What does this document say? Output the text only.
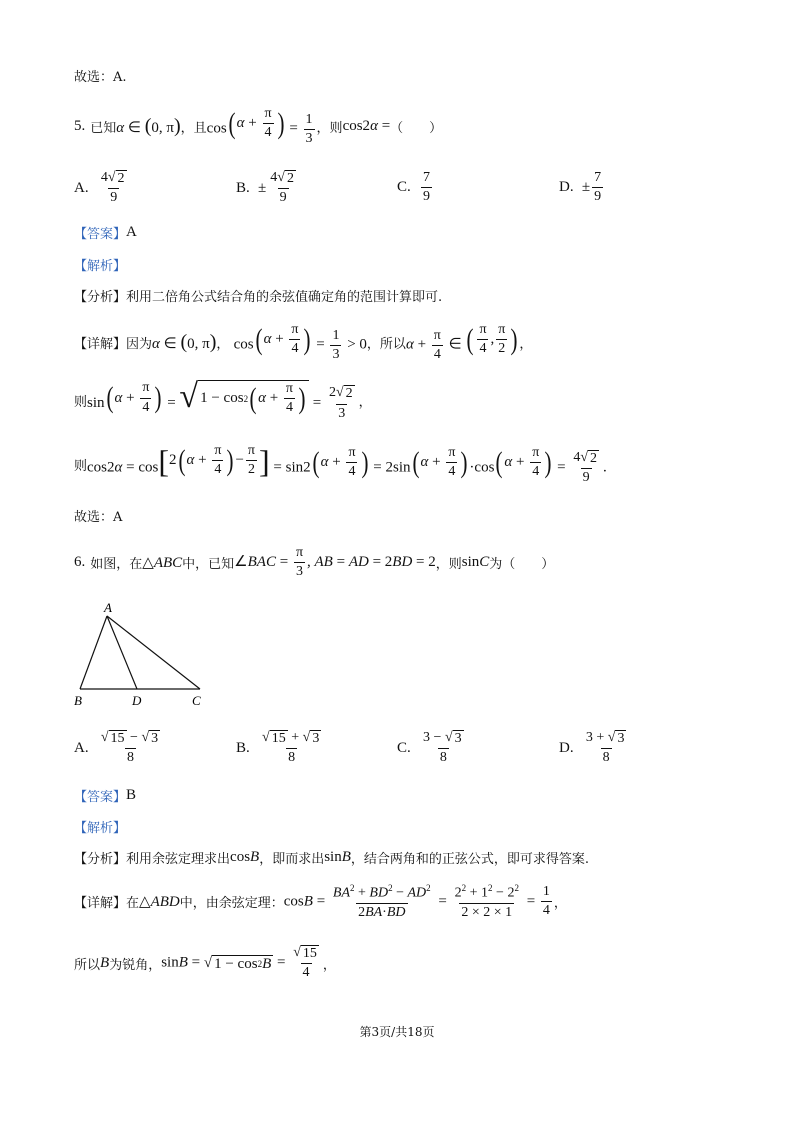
故选：A.
5. 已知 α ∈ (0, π) ，且 cos ( $\alpha + \frac{\pi}{4}$ ) = $\frac{1}{3}$ ，则 cos2α = （　　）
A.
$\frac{4 √ 2}{9}$	B.
± $\frac{4 √ 2}{9}$	C.
$\frac{7}{9}$	D.
± $\frac{7}{9}$
【答案】 A
【解析】
【分析】 利用二倍角公式结合角的余弦值确定角的范围计算即可.
【详解】 因为 α ∈ (0, π) ，
cos ( $\alpha + \frac{\pi}{4}$ ) = $\frac{1}{3} > 0$ ，所以 $\alpha + \frac{\pi}{4}$ ∈ ( $\frac{\pi}{4}$ , $\frac{\pi}{2}$ ) ，
则 sin ( $\alpha + \frac{\pi}{4}$ ) = √ 1 − cos 2 ( $\alpha + \frac{\pi}{4}$ ) = $\frac{2 √ 2}{3}$ ，
则 cos2α = cos [ 2 ( $\alpha + \frac{\pi}{4}$ ) − $\frac{\pi}{2}$ ] = sin2 ( $\alpha + \frac{\pi}{4}$ ) = 2sin ( $\alpha + \frac{\pi}{4}$ ) ·cos ( $\alpha + \frac{\pi}{4}$ ) = $\frac{4 √ 2}{9}$ .
故选：A
6. 如图，在 △ABC 中，已知 ∠BAC = $\frac{\pi}{3}$ , AB = AD = 2BD = 2 ，则 sinC 为（　　）
A
B	D	C
A.
$\frac{√ 15 - √ 3}{8}$	B.
$\frac{√ 15 + √ 3}{8}$	C.
$\frac{3 - √ 3}{8}$	D.
$\frac{3 + √ 3}{8}$
【答案】 B
【解析】
【分析】 利用余弦定理求出 cosB ，即而求出 sinB ，结合两角和的正弦公式，即可求得答案.
【详解】 在 △ABD 中，由余弦定理： $\cos B = \frac{BA^2 + BD^2 - AD^2}{2BA\cdot BD} = \frac{2^2 + 1^2 - 2^2}{2 \times 2 \times 1} = \frac{1}{4}$ ，
所以 B 为锐角， sinB = √ 1 − cos 2 $B = \frac{√ 15}{4}$ ，
第3页/共18页
